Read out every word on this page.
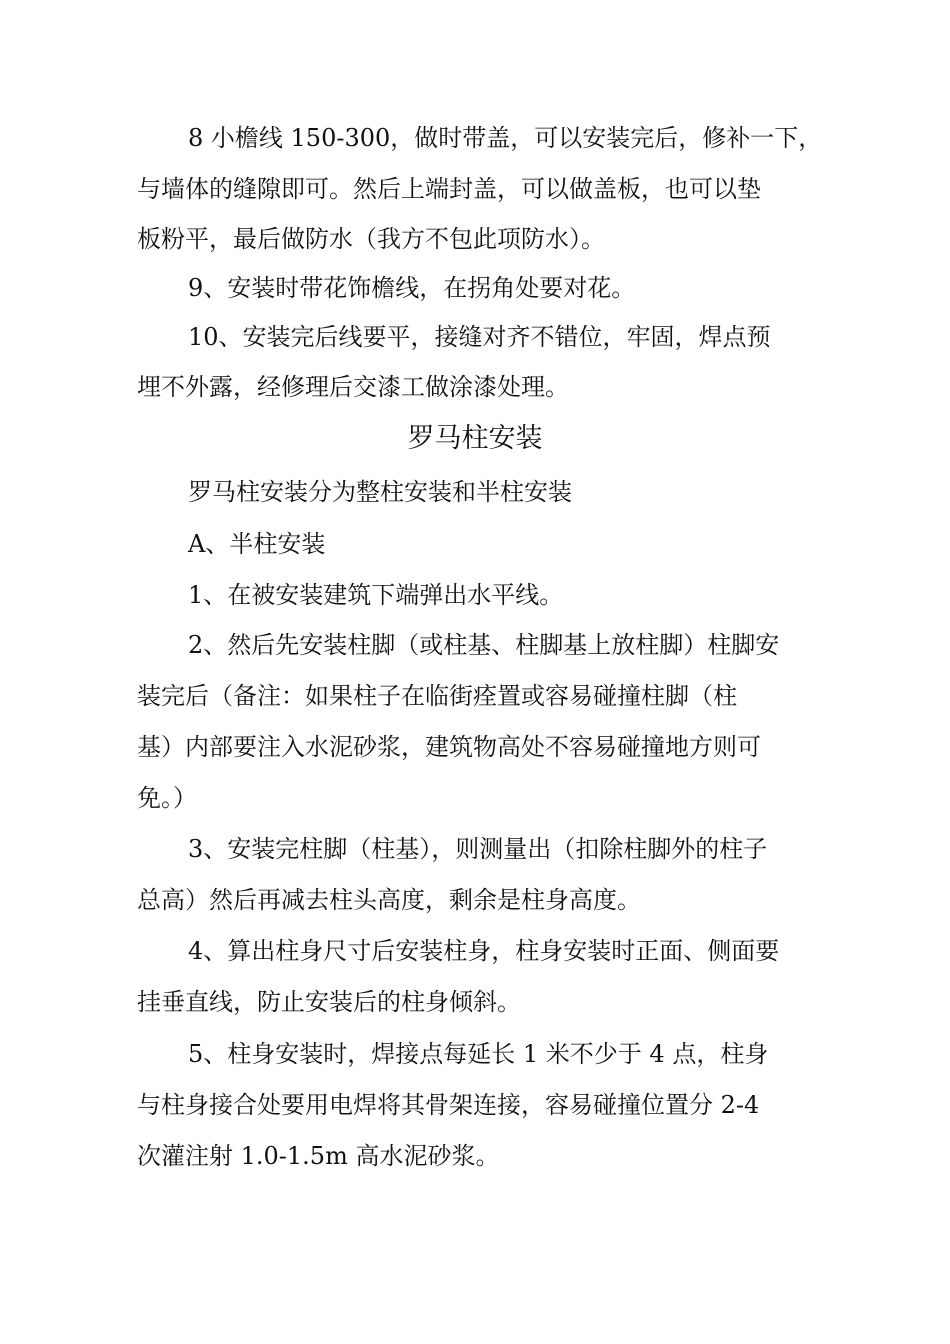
8 小檐线 150-300，做时带盖，可以安装完后，修补一下，
与墙体的缝隙即可。然后上端封盖，可以做盖板，也可以垫
板粉平，最后做防水（我方不包此项防水）。
9、安装时带花饰檐线，在拐角处要对花。
10、安装完后线要平，接缝对齐不错位，牢固，焊点预
埋不外露，经修理后交漆工做涂漆处理。
罗马柱安装
罗马柱安装分为整柱安装和半柱安装
A、半柱安装
1、在被安装建筑下端弹出水平线。
2、然后先安装柱脚（或柱基、柱脚基上放柱脚）柱脚安
装完后（备注：如果柱子在临街痊置或容易碰撞柱脚（柱
基）内部要注入水泥砂浆，建筑物高处不容易碰撞地方则可
免。）
3、安装完柱脚（柱基），则测量出（扣除柱脚外的柱子
总高）然后再减去柱头高度，剩余是柱身高度。
4、算出柱身尺寸后安装柱身，柱身安装时正面、侧面要
挂垂直线，防止安装后的柱身倾斜。
5、柱身安装时，焊接点每延长 1 米不少于 4 点，柱身
与柱身接合处要用电焊将其骨架连接，容易碰撞位置分 2-4
次灌注射 1.0-1.5m 高水泥砂浆。
